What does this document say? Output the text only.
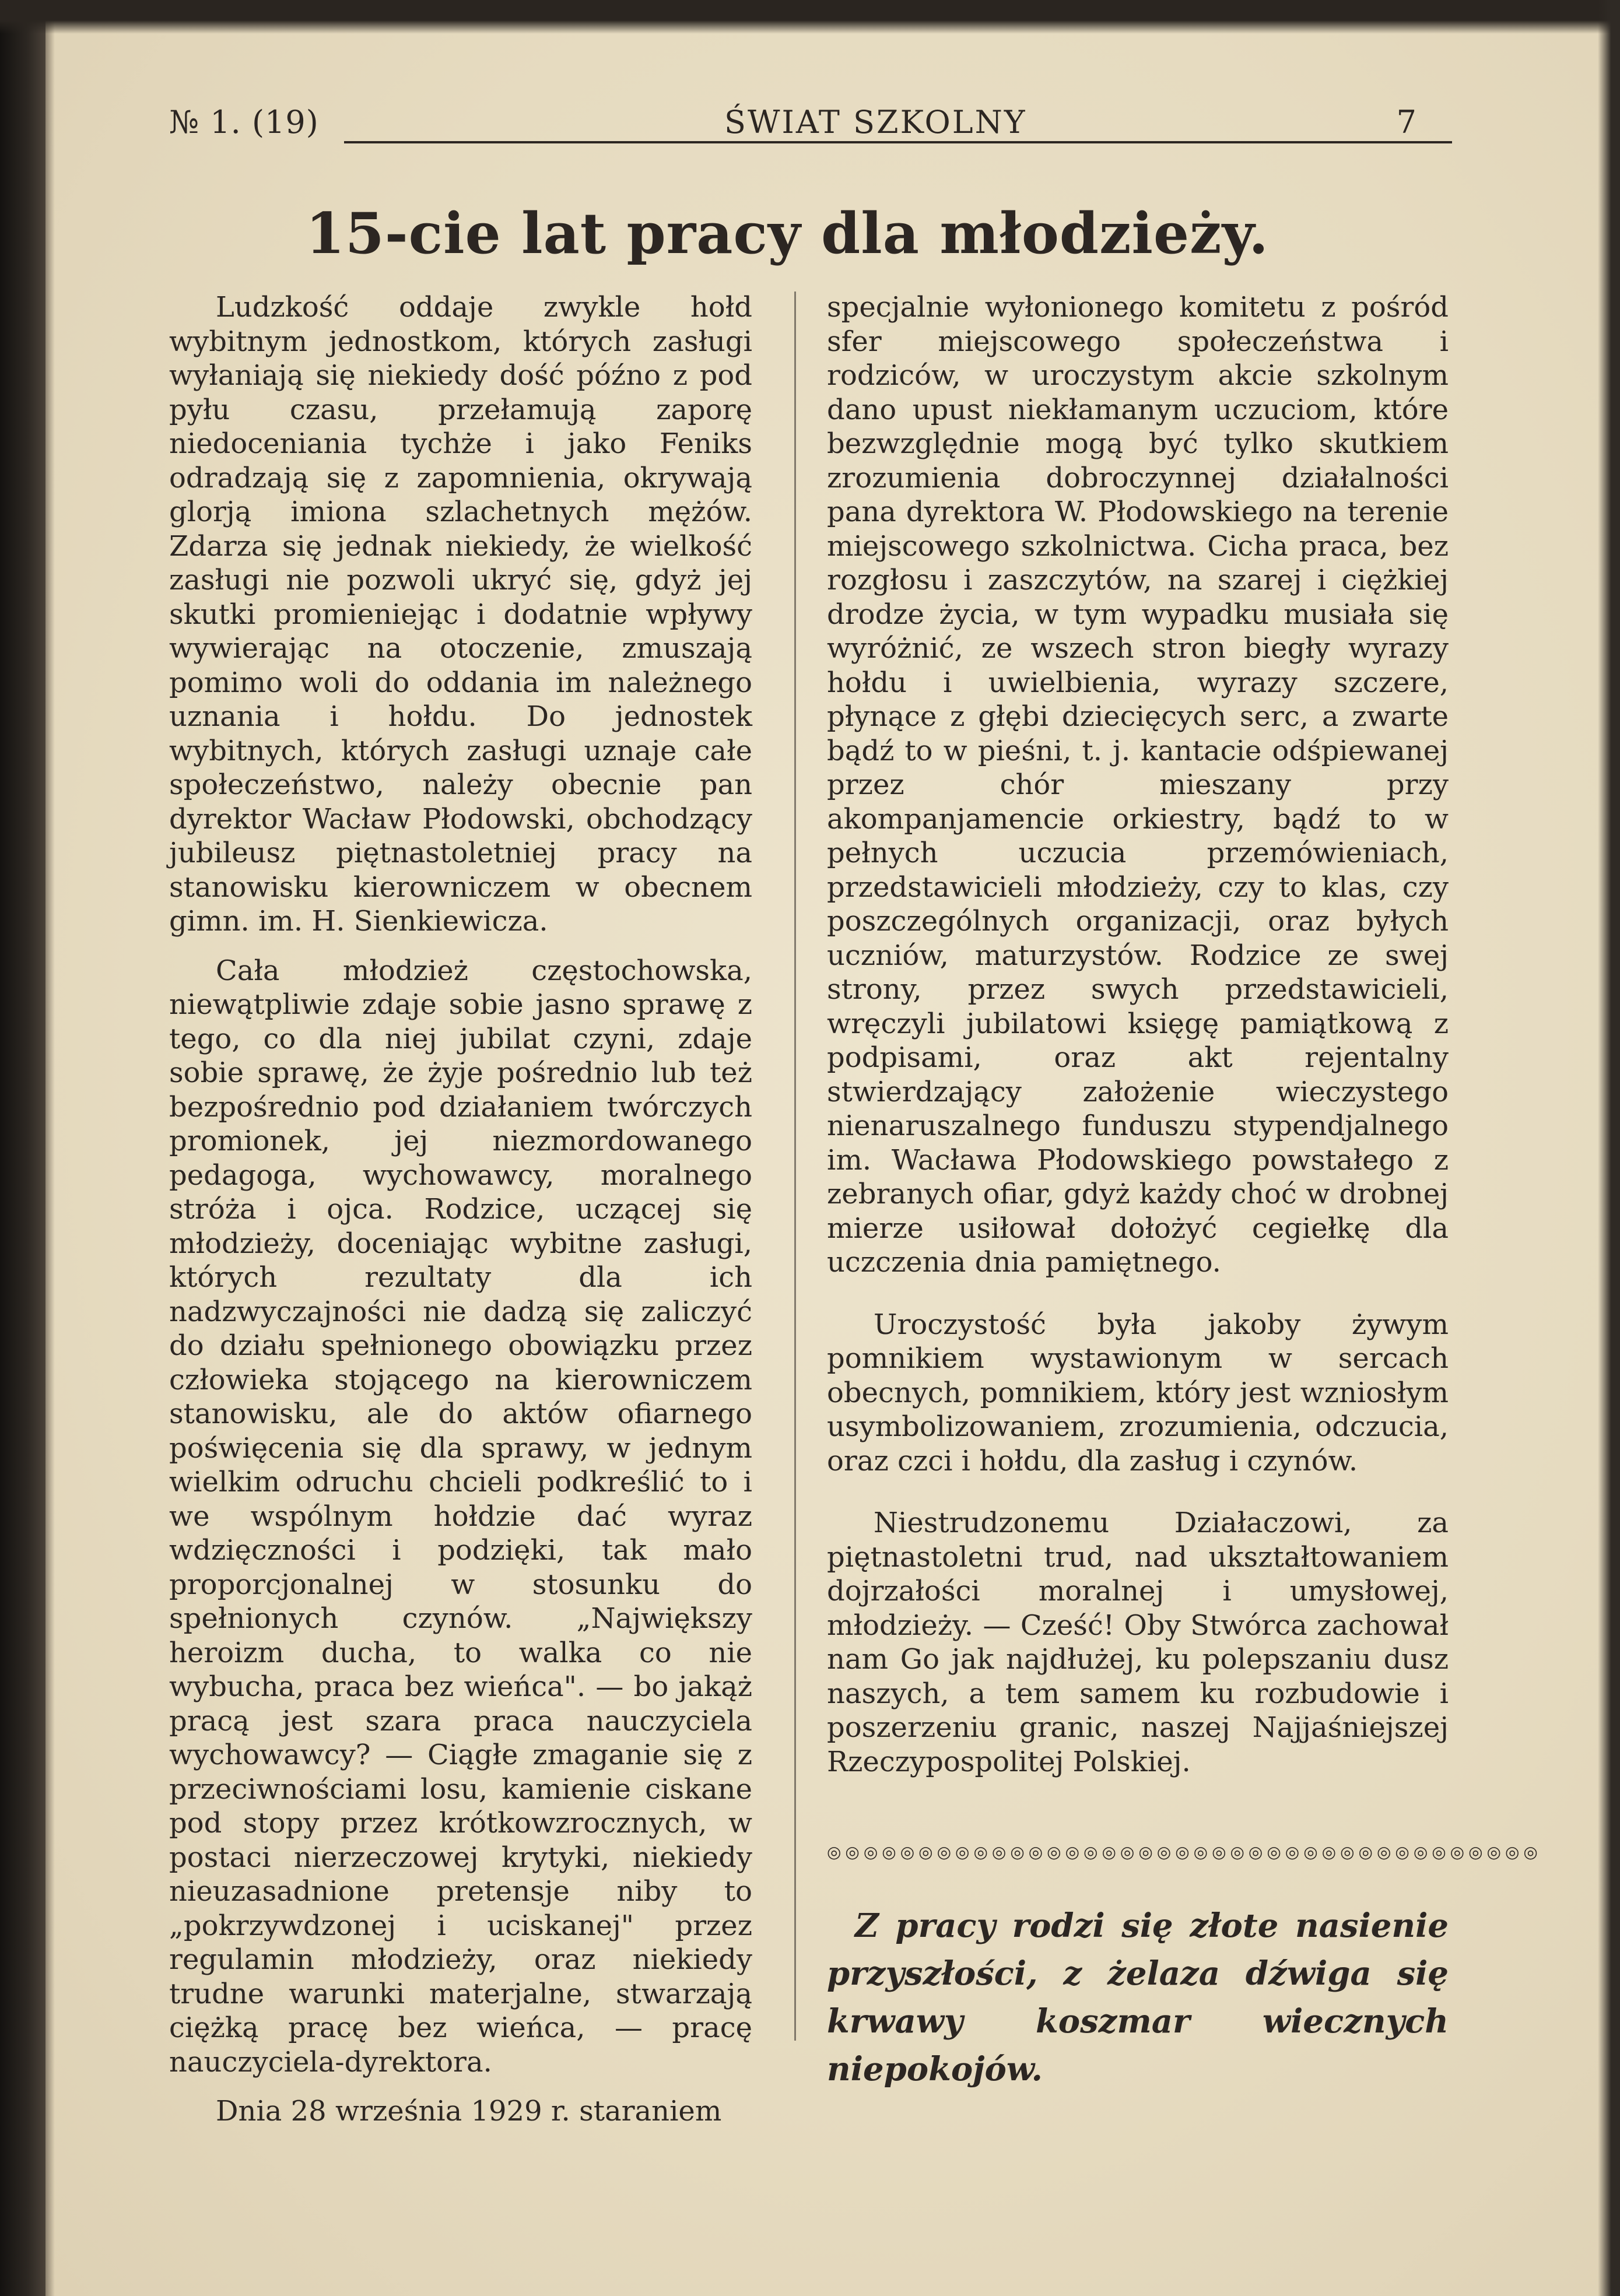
№ 1. (19)	ŚWIAT SZKOLNY	7
15-cie lat pracy dla młodzieży.

Ludzkość oddaje zwykle hołd wybitnym jednostkom, których zasługi wyłaniają się niekiedy dość późno z pod pyłu czasu, przełamują zaporę niedoceniania tychże i jako Feniks odradzają się z zapomnienia, okrywają glorją imiona szlachetnych mężów. Zdarza się jednak niekiedy, że wielkość zasługi nie pozwoli ukryć się, gdyż jej skutki promieniejąc i dodatnie wpływy wywierając na otoczenie, zmuszają pomimo woli do oddania im należnego uznania i hołdu. Do jednostek wybitnych, których zasługi uznaje całe społeczeństwo, należy obecnie pan dyrektor Wacław Płodowski, obchodzący jubileusz piętnastoletniej pracy na stanowisku kierowniczem w obecnem gimn. im. H. Sienkiewicza.

Cała młodzież częstochowska, niewątpliwie zdaje sobie jasno sprawę z tego, co dla niej jubilat czyni, zdaje sobie sprawę, że żyje pośrednio lub też bezpośrednio pod działaniem twórczych promionek, jej niezmordowanego pedagoga, wychowawcy, moralnego stróża i ojca. Rodzice, uczącej się młodzieży, doceniając wybitne zasługi, których rezultaty dla ich nadzwyczajności nie dadzą się zaliczyć do działu spełnionego obowiązku przez człowieka stojącego na kierowniczem stanowisku, ale do aktów ofiarnego poświęcenia się dla sprawy, w jednym wielkim odruchu chcieli podkreślić to i we wspólnym hołdzie dać wyraz wdzięczności i podzięki, tak mało proporcjonalnej w stosunku do spełnionych czynów. „Największy heroizm ducha, to walka co nie wybucha, praca bez wieńca". — bo jakąż pracą jest szara praca nauczyciela wychowawcy? — Ciągłe zmaganie się z przeciwnościami losu, kamienie ciskane pod stopy przez krótkowzrocznych, w postaci nierzeczowej krytyki, niekiedy nieuzasadnione pretensje niby to „pokrzywdzonej i uciskanej" przez regulamin młodzieży, oraz niekiedy trudne warunki materjalne, stwarzają ciężką pracę bez wieńca, — pracę nauczyciela-dyrektora.

Dnia 28 września 1929 r. staraniem

specjalnie wyłonionego komitetu z pośród sfer miejscowego społeczeństwa i rodziców, w uroczystym akcie szkolnym dano upust niekłamanym uczuciom, które bezwzględnie mogą być tylko skutkiem zrozumienia dobroczynnej działalności pana dyrektora W. Płodowskiego na terenie miejscowego szkolnictwa. Cicha praca, bez rozgłosu i zaszczytów, na szarej i ciężkiej drodze życia, w tym wypadku musiała się wyróżnić, ze wszech stron biegły wyrazy hołdu i uwielbienia, wyrazy szczere, płynące z głębi dziecięcych serc, a zwarte bądź to w pieśni, t. j. kantacie odśpiewanej przez chór mieszany przy akompanjamencie orkiestry, bądź to w pełnych uczucia przemówieniach, przedstawicieli młodzieży, czy to klas, czy poszczególnych organizacji, oraz byłych uczniów, maturzystów. Rodzice ze swej strony, przez swych przedstawicieli, wręczyli jubilatowi księgę pamiątkową z podpisami, oraz akt rejentalny stwierdzający założenie wieczystego nienaruszalnego funduszu stypendjalnego im. Wacława Płodowskiego powstałego z zebranych ofiar, gdyż każdy choć w drobnej mierze usiłował dołożyć cegiełkę dla uczczenia dnia pamiętnego.

Uroczystość była jakoby żywym pomnikiem wystawionym w sercach obecnych, pomnikiem, który jest wzniosłym usymbolizowaniem, zrozumienia, odczucia, oraz czci i hołdu, dla zasług i czynów.

Niestrudzonemu Działaczowi, za piętnastoletni trud, nad ukształtowaniem dojrzałości moralnej i umysłowej, młodzieży. — Cześć! Oby Stwórca zachował nam Go jak najdłużej, ku polepszaniu dusz naszych, a tem samem ku rozbudowie i poszerzeniu granic, naszej Najjaśniejszej Rzeczypospolitej Polskiej.

◎◎◎◎◎◎◎◎◎◎◎◎◎◎◎◎◎◎◎◎◎◎◎◎◎◎◎◎◎◎◎◎◎◎◎◎◎◎◎

Z pracy rodzi się złote nasienie przyszłości, z żelaza dźwiga się krwawy koszmar wiecznych niepokojów.
